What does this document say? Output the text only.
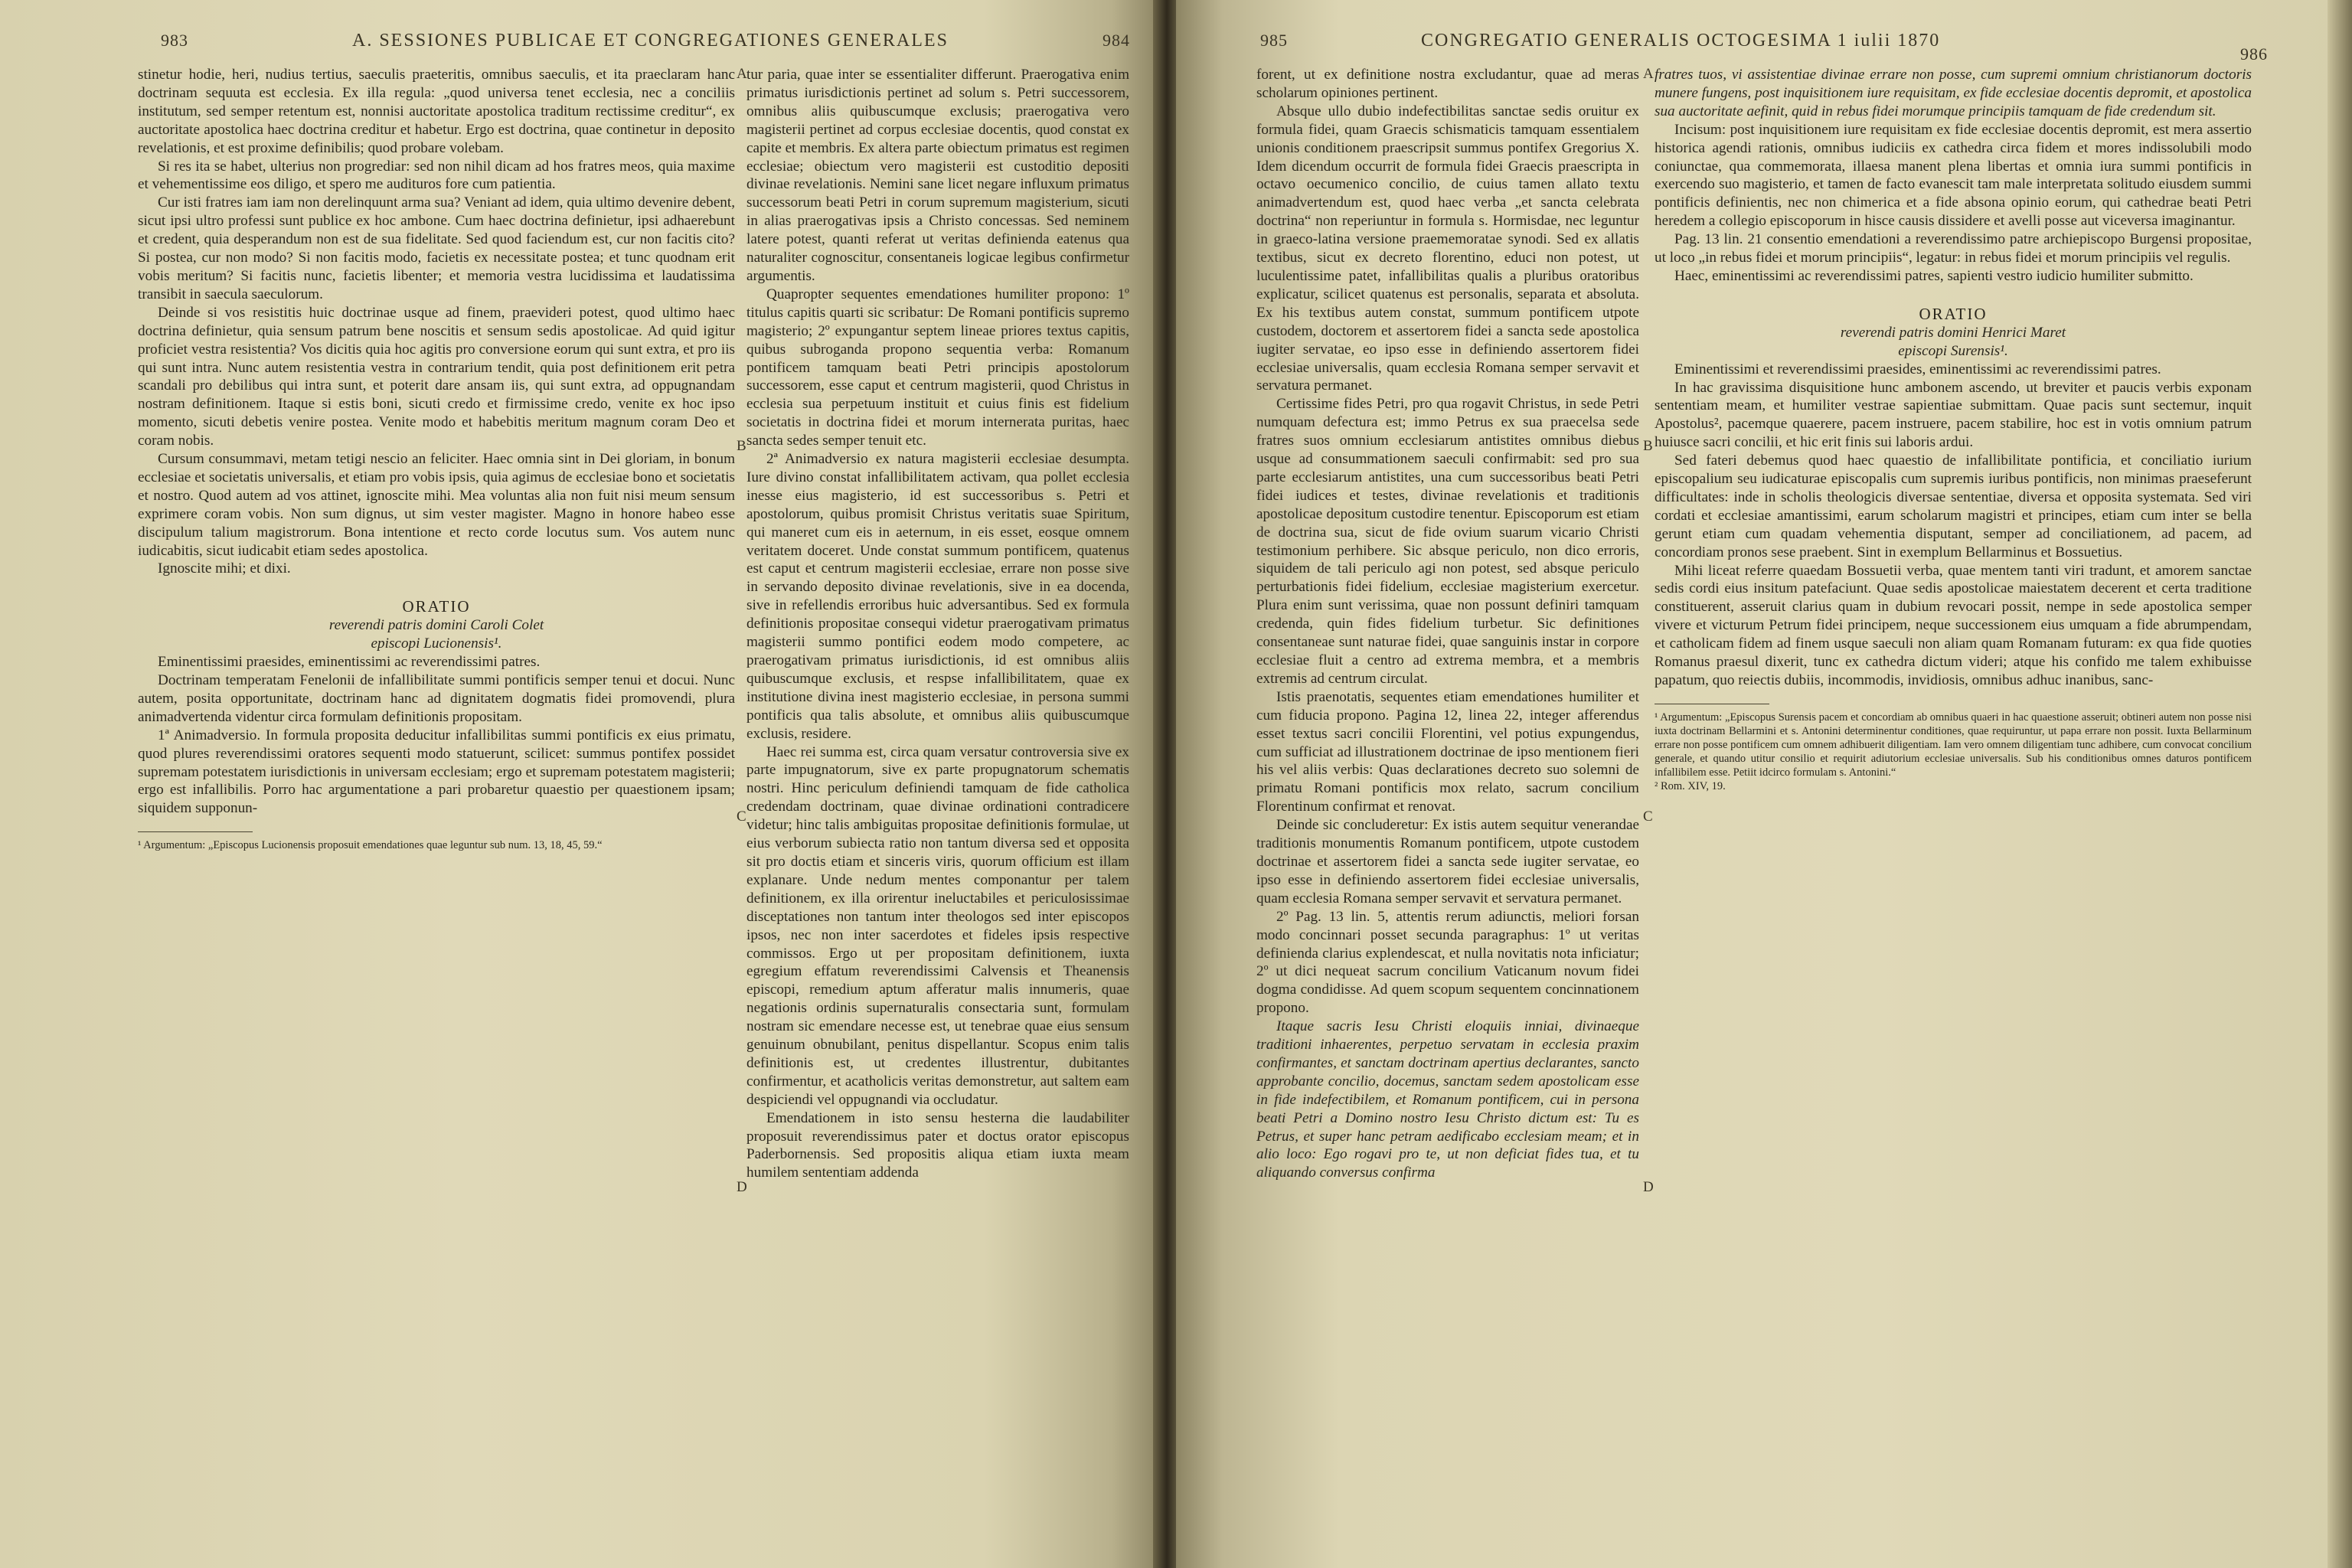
983	A. SESSIONES PUBLICAE ET CONGREGATIONES GENERALES	984

stinetur hodie, heri, nudius tertius, saeculis praeteritis, omnibus saeculis, et ita praeclaram hanc doctrinam sequuta est ecclesia. Ex illa regula: „quod universa tenet ecclesia, nec a conciliis institutum, sed semper retentum est, nonnisi auctoritate apostolica traditum rectissime creditur“, ex auctoritate apostolica haec doctrina creditur et habetur. Ergo est doctrina, quae continetur in deposito revelationis, et est proxime definibilis; quod probare volebam.

Si res ita se habet, ulterius non progrediar: sed non nihil dicam ad hos fratres meos, quia maxime et vehementissime eos diligo, et spero me audituros fore cum patientia.

Cur isti fratres iam iam non derelinquunt arma sua? Veniant ad idem, quia ultimo devenire debent, sicut ipsi ultro professi sunt publice ex hoc ambone. Cum haec doctrina definietur, ipsi adhaerebunt et credent, quia desperandum non est de sua fidelitate. Sed quod faciendum est, cur non facitis cito? Si postea, cur non modo? Si non facitis modo, facietis ex necessitate postea; et tunc quodnam erit vobis meritum? Si facitis nunc, facietis libenter; et memoria vestra lucidissima et laudatissima transibit in saecula saeculorum.

Deinde si vos resistitis huic doctrinae usque ad finem, praevideri potest, quod ultimo haec doctrina definietur, quia sensum patrum bene noscitis et sensum sedis apostolicae. Ad quid igitur proficiet vestra resistentia? Vos dicitis quia hoc agitis pro conversione eorum qui sunt extra, et pro iis qui sunt intra. Nunc autem resistentia vestra in contrarium tendit, quia post definitionem erit petra scandali pro debilibus qui intra sunt, et poterit dare ansam iis, qui sunt extra, ad oppugnandam nostram definitionem. Itaque si estis boni, sicuti credo et firmissime credo, venite ex hoc ipso momento, sicuti debetis venire postea. Venite modo et habebitis meritum magnum coram Deo et coram nobis.

Cursum consummavi, metam tetigi nescio an feliciter. Haec omnia sint in Dei gloriam, in bonum ecclesiae et societatis universalis, et etiam pro vobis ipsis, quia agimus de ecclesiae bono et societatis et nostro. Quod autem ad vos attinet, ignoscite mihi. Mea voluntas alia non fuit nisi meum sensum exprimere coram vobis. Non sum dignus, ut sim vester magister. Magno in honore habeo esse discipulum talium magistrorum. Bona intentione et recto corde locutus sum. Vos autem nunc iudicabitis, sicut iudicabit etiam sedes apostolica.

Ignoscite mihi; et dixi.

ORATIO

reverendi patris domini Caroli Colet

episcopi Lucionensis¹.

Eminentissimi praesides, eminentissimi ac reverendissimi patres.

Doctrinam temperatam Fenelonii de infallibilitate summi pontificis semper tenui et docui. Nunc autem, posita opportunitate, doctrinam hanc ad dignitatem dogmatis fidei promovendi, plura animadvertenda videntur circa formulam definitionis propositam.

1ª Animadversio. In formula proposita deducitur infallibilitas summi pontificis ex eius primatu, quod plures reverendissimi oratores sequenti modo statuerunt, scilicet: summus pontifex possidet supremam potestatem iurisdictionis in universam ecclesiam; ergo et supremam potestatem magisterii; ergo est infallibilis. Porro hac argumentatione a pari probaretur quaestio per quaestionem ipsam; siquidem supponun-

¹ Argumentum: „Episcopus Lucionensis proposuit emendationes quae leguntur sub num. 13, 18, 45, 59.“

tur paria, quae inter se essentialiter differunt. Praerogativa enim primatus iurisdictionis pertinet ad solum s. Petri successorem, omnibus aliis quibuscumque exclusis; praerogativa vero magisterii pertinet ad corpus ecclesiae docentis, quod constat ex capite et membris. Ex altera parte obiectum primatus est regimen ecclesiae; obiectum vero magisterii est custoditio depositi divinae revelationis. Nemini sane licet negare influxum primatus successorum beati Petri in corum supremum magisterium, sicuti in alias praerogativas ipsis a Christo concessas. Sed neminem latere potest, quanti referat ut veritas definienda eatenus qua naturaliter cognoscitur, consentaneis logicae legibus confirmetur argumentis.

Quapropter sequentes emendationes humiliter propono: 1º titulus capitis quarti sic scribatur: De Romani pontificis supremo magisterio; 2º expungantur septem lineae priores textus capitis, quibus subroganda propono sequentia verba: Romanum pontificem tamquam beati Petri principis apostolorum successorem, esse caput et centrum magisterii, quod Christus in ecclesia sua perpetuum instituit et cuius finis est fidelium societatis in doctrina fidei et morum internerata puritas, haec sancta sedes semper tenuit etc.

2ª Animadversio ex natura magisterii ecclesiae desumpta. Iure divino constat infallibilitatem activam, qua pollet ecclesia inesse eius magisterio, id est successoribus s. Petri et apostolorum, quibus promisit Christus veritatis suae Spiritum, qui maneret cum eis in aeternum, in eis esset, eosque omnem veritatem doceret. Unde constat summum pontificem, quatenus est caput et centrum magisterii ecclesiae, errare non posse sive in servando deposito divinae revelationis, sive in ea docenda, sive in refellendis erroribus huic adversantibus. Sed ex formula definitionis propositae consequi videtur praerogativam primatus magisterii summo pontifici eodem modo competere, ac praerogativam primatus iurisdictionis, id est omnibus aliis quibuscumque exclusis, et respse infallibilitatem, quae ex institutione divina inest magisterio ecclesiae, in persona summi pontificis qua talis absolute, et omnibus aliis quibuscumque exclusis, residere.

Haec rei summa est, circa quam versatur controversia sive ex parte impugnatorum, sive ex parte propugnatorum schematis nostri. Hinc periculum definiendi tamquam de fide catholica credendam doctrinam, quae divinae ordinationi contradicere videtur; hinc talis ambiguitas propositae definitionis formulae, ut eius verborum subiecta ratio non tantum diversa sed et opposita sit pro doctis etiam et sinceris viris, quorum officium est illam explanare. Unde nedum mentes componantur per talem definitionem, ex illa orirentur ineluctabiles et periculosissimae disceptationes non tantum inter theologos sed inter episcopos ipsos, nec non inter sacerdotes et fideles ipsis respective commissos. Ergo ut per propositam definitionem, iuxta egregium effatum reverendissimi Calvensis et Theanensis episcopi, remedium aptum afferatur malis innumeris, quae negationis ordinis supernaturalis consectaria sunt, formulam nostram sic emendare necesse est, ut tenebrae quae eius sensum genuinum obnubilant, penitus dispellantur. Scopus enim talis definitionis est, ut credentes illustrentur, dubitantes confirmentur, et acatholicis veritas demonstretur, aut saltem eam despiciendi vel oppugnandi via occludatur.

Emendationem in isto sensu hesterna die laudabiliter proposuit reverendissimus pater et doctus orator episcopus Paderbornensis. Sed propositis aliqua etiam iuxta meam humilem sententiam addenda

A
B
C
D
985	CONGREGATIO GENERALIS OCTOGESIMA 1 iulii 1870
986

forent, ut ex definitione nostra excludantur, quae ad meras scholarum opiniones pertinent.

Absque ullo dubio indefectibilitas sanctae sedis oruitur ex formula fidei, quam Graecis schismaticis tamquam essentialem unionis conditionem praescripsit summus pontifex Gregorius X. Idem dicendum occurrit de formula fidei Graecis praescripta in octavo oecumenico concilio, de cuius tamen allato textu animadvertendum est, quod haec verba „et sancta celebrata doctrina“ non reperiuntur in formula s. Hormisdae, nec leguntur in graeco-latina versione praememoratae synodi. Sed ex allatis textibus, sicut ex decreto florentino, educi non potest, ut luculentissime patet, infallibilitas qualis a pluribus oratoribus explicatur, scilicet quatenus est personalis, separata et absoluta. Ex his textibus autem constat, summum pontificem utpote custodem, doctorem et assertorem fidei a sancta sede apostolica iugiter servatae, eo ipso esse in definiendo assertorem fidei ecclesiae universalis, quam ecclesia Romana semper servavit et servatura permanet.

Certissime fides Petri, pro qua rogavit Christus, in sede Petri numquam defectura est; immo Petrus ex sua praecelsa sede fratres suos omnium ecclesiarum antistites omnibus diebus usque ad consummationem saeculi confirmabit: sed pro sua parte ecclesiarum antistites, una cum successoribus beati Petri fidei iudices et testes, divinae revelationis et traditionis apostolicae depositum custodire tenentur. Episcoporum est etiam de doctrina sua, sicut de fide ovium suarum vicario Christi testimonium perhibere. Sic absque periculo, non dico erroris, siquidem de tali periculo agi non potest, sed absque periculo perturbationis fidei fidelium, ecclesiae magisterium exercetur. Plura enim sunt verissima, quae non possunt definiri tamquam credenda, quin fides fidelium turbetur. Sic definitiones consentaneae sunt naturae fidei, quae sanguinis instar in corpore ecclesiae fluit a centro ad extrema membra, et a membris extremis ad centrum circulat.

Istis praenotatis, sequentes etiam emendationes humiliter et cum fiducia propono. Pagina 12, linea 22, integer afferendus esset textus sacri concilii Florentini, vel potius expungendus, cum sufficiat ad illustrationem doctrinae de ipso mentionem fieri his vel aliis verbis: Quas declarationes decreto suo solemni de primatu Romani pontificis mox relato, sacrum concilium Florentinum confirmat et renovat.

Deinde sic concluderetur: Ex istis autem sequitur venerandae traditionis monumentis Romanum pontificem, utpote custodem doctrinae et assertorem fidei a sancta sede iugiter servatae, eo ipso esse in definiendo assertorem fidei ecclesiae universalis, quam ecclesia Romana semper servavit et servatura permanet.

2º Pag. 13 lin. 5, attentis rerum adiunctis, meliori forsan modo concinnari posset secunda paragraphus: 1º ut veritas definienda clarius explendescat, et nulla novitatis nota inficiatur; 2º ut dici nequeat sacrum concilium Vaticanum novum fidei dogma condidisse. Ad quem scopum sequentem concinnationem propono.

Itaque sacris Iesu Christi eloquiis inniai, divinaeque traditioni inhaerentes, perpetuo servatam in ecclesia praxim confirmantes, et sanctam doctrinam apertius declarantes, sancto approbante concilio, docemus, sanctam sedem apostolicam esse in fide indefectibilem, et Romanum pontificem, cui in persona beati Petri a Domino nostro Iesu Christo dictum est: Tu es Petrus, et super hanc petram aedificabo ecclesiam meam; et in alio loco: Ego rogavi pro te, ut non deficiat fides tua, et tu aliquando conversus confirma

fratres tuos, vi assistentiae divinae errare non posse, cum supremi omnium christianorum doctoris munere fungens, post inquisitionem iure requisitam, ex fide ecclesiae docentis depromit, et apostolica sua auctoritate aefinit, quid in rebus fidei morumque principiis tamquam de fide credendum sit.

Incisum: post inquisitionem iure requisitam ex fide ecclesiae docentis depromit, est mera assertio historica agendi rationis, omnibus iudiciis ex cathedra circa fidem et mores indissolubili modo coniunctae, qua commemorata, illaesa manent plena libertas et omnia iura summi pontificis in exercendo suo magisterio, et tamen de facto evanescit tam male interpretata solitudo eiusdem summi pontificis definientis, nec non chimerica et a fide absona opinio eorum, qui cathedrae beati Petri heredem a collegio episcoporum in hisce causis dissidere et avelli posse aut viceversa imaginantur.

Pag. 13 lin. 21 consentio emendationi a reverendissimo patre archiepiscopo Burgensi propositae, ut loco „in rebus fidei et morum principiis“, legatur: in rebus fidei et morum principiis vel regulis.

Haec, eminentissimi ac reverendissimi patres, sapienti vestro iudicio humiliter submitto.

ORATIO

reverendi patris domini Henrici Maret

episcopi Surensis¹.

Eminentissimi et reverendissimi praesides, eminentissimi ac reverendissimi patres.

In hac gravissima disquisitione hunc ambonem ascendo, ut breviter et paucis verbis exponam sententiam meam, et humiliter vestrae sapientiae submittam. Quae pacis sunt sectemur, inquit Apostolus², pacemque quaerere, pacem instruere, pacem stabilire, hoc est in votis omnium patrum huiusce sacri concilii, et hic erit finis sui laboris ardui.

Sed fateri debemus quod haec quaestio de infallibilitate pontificia, et conciliatio iurium episcopalium seu iudicaturae episcopalis cum supremis iuribus pontificis, non minimas praeseferunt difficultates: inde in scholis theologicis diversae sententiae, diversa et opposita systemata. Sed viri cordati et ecclesiae amantissimi, earum scholarum magistri et principes, etiam cum inter se bella gerunt etiam cum quadam vehementia disputant, semper ad conciliationem, ad pacem, ad concordiam pronos sese praebent. Sint in exemplum Bellarminus et Bossuetius.

Mihi liceat referre quaedam Bossuetii verba, quae mentem tanti viri tradunt, et amorem sanctae sedis cordi eius insitum patefaciunt. Quae sedis apostolicae maiestatem decerent et certa traditione constituerent, asseruit clarius quam in dubium revocari possit, nempe in sede apostolica semper vivere et victurum Petrum fidei principem, neque successionem eius umquam a fide abrumpendam, et catholicam fidem ad finem usque saeculi non aliam quam Romanam futuram: ex qua fide quoties Romanus praesul dixerit, tunc ex cathedra dictum videri; atque his confido me talem exhibuisse papatum, quo reiectis dubiis, incommodis, invidiosis, omnibus adhuc inanibus, sanc-

¹ Argumentum: „Episcopus Surensis pacem et concordiam ab omnibus quaeri in hac quaestione asseruit; obtineri autem non posse nisi iuxta doctrinam Bellarmini et s. Antonini determinentur conditiones, quae requiruntur, ut papa errare non possit. Iuxta Bellarminum errare non posse pontificem cum omnem adhibuerit diligentiam. Iam vero omnem diligentiam tunc adhibere, cum convocat concilium generale, et quando utitur consilio et requirit adiutorium ecclesiae universalis. Sub his conditionibus omnes daturos pontificem infallibilem esse. Petiit idcirco formulam s. Antonini.“

² Rom. XIV, 19.

A
B
C
D
